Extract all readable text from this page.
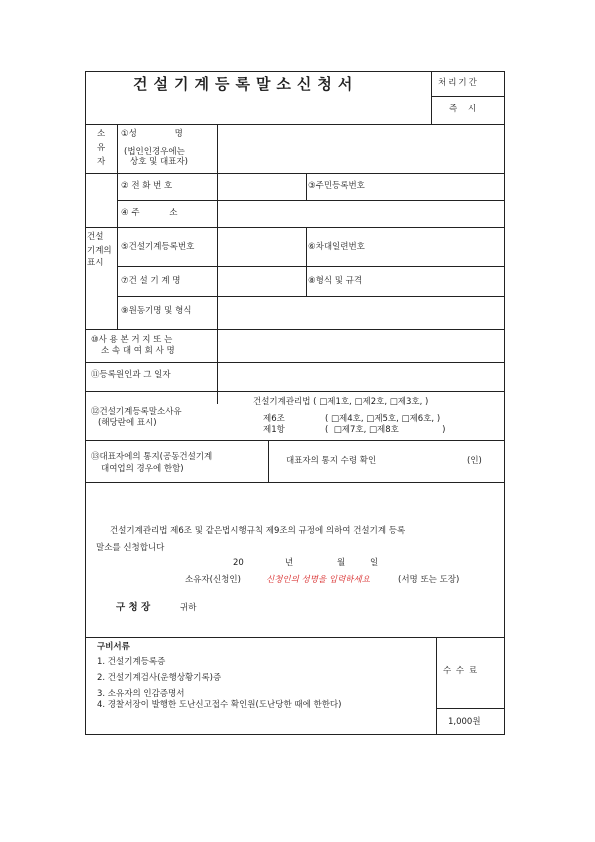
건설기계등록말소신청서	처리기간
즉    시
소
유
자
①성              명
(법인인경우에는
상호 및 대표자)
② 전 화 번 호	③주민등록번호
④ 주           소
건설
기계의
표시
⑤건설기계등록번호	⑥차대일련번호
⑦건 설 기 계 명	⑧형식 및 규격
⑨원동기명 및 형식
⑩사 용 본 거 지 또 는
소 속 대 여 회 사 명
⑪등록원인과 그 일자
⑫건설기계등록말소사유
(해당란에 표시)
건설기계관리법 ( □제1호, □제2호, □제3호, )
제6조	( □제4호, □제5호, □제6호, )
제1항	(  □제7호, □제8호                )
⑬대표자에의 통지(공동건설기계
대여업의 경우에 한함)
대표자의 통지 수령 확인	(인)
건설기계관리법 제6조 및 같은법시행규칙 제9조의 규정에 의하여 건설기계 등록
말소를 신청합니다
20	년	월	일
소유자(신청인)	신청인의 성명을 입력하세요	(서명 또는 도장)
구 청 장	귀하
구비서류
1. 건설기계등록증
2. 건설기계검사(운행상황기록)증
3. 소유자의 인감증명서
4. 경찰서장이 발행한 도난신고접수 확인원(도난당한 때에 한한다)
수 수 료
1,000원
